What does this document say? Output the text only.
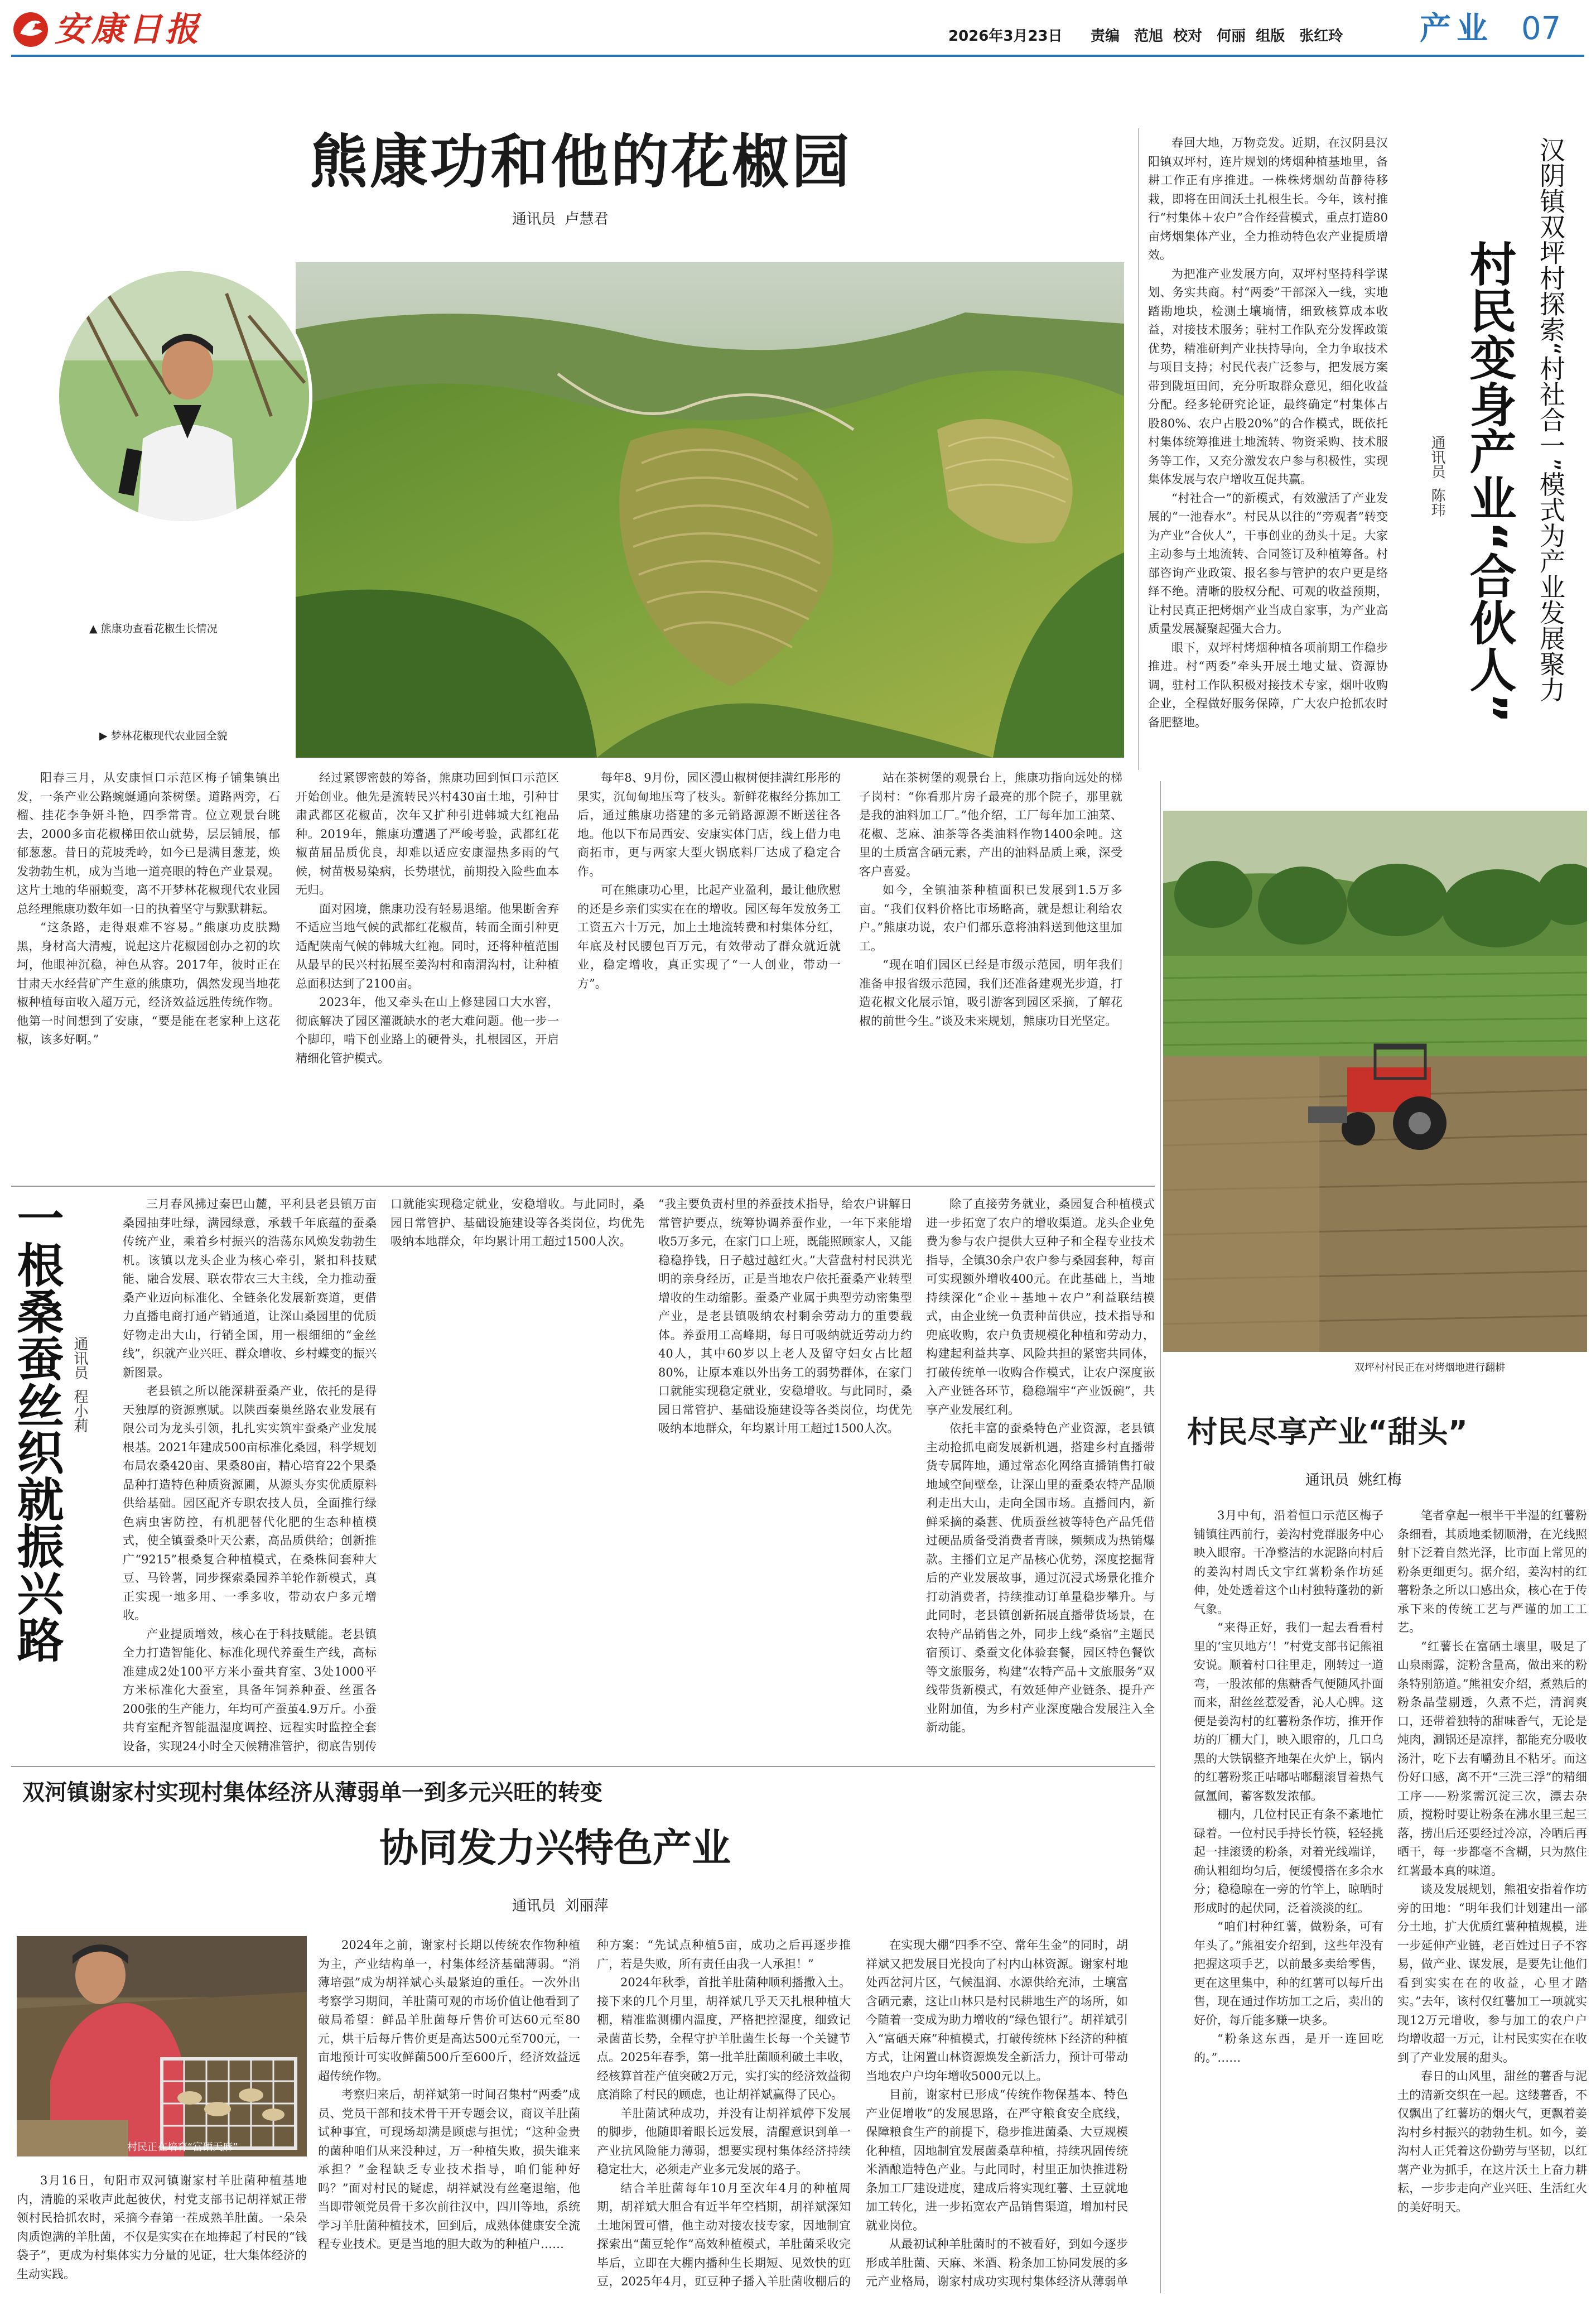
安康日报	2026年3月23日 责编　范旭  校对　何丽  组版　张红玲 产业 07
熊康功和他的花椒园
通讯员  卢慧君
▲ 熊康功查看花椒生长情况
▶ 梦林花椒现代农业园全貌

阳春三月，从安康恒口示范区梅子铺集镇出发，一条产业公路蜿蜒通向茶树堡。道路两旁，石榴、挂花李争妍斗艳，四季常青。位立观景台眺去，2000多亩花椒梯田依山就势，层层铺展，郁郁葱葱。昔日的荒坡秃岭，如今已是满目葱茏，焕发勃勃生机，成为当地一道亮眼的特色产业景观。这片土地的华丽蜕变，离不开梦林花椒现代农业园总经理熊康功数年如一日的执着坚守与默默耕耘。

“这条路，走得艰难不容易。”熊康功皮肤黝黑，身材高大清瘦，说起这片花椒园创办之初的坎坷，他眼神沉稳，神色从容。2017年，彼时正在甘肃天水经营矿产生意的熊康功，偶然发现当地花椒种植每亩收入超万元，经济效益远胜传统作物。他第一时间想到了安康，“要是能在老家种上这花椒，该多好啊。”

经过紧锣密鼓的筹备，熊康功回到恒口示范区开始创业。他先是流转民兴村430亩土地，引种甘肃武都区花椒苗，次年又扩种引进韩城大红袍品种。2019年，熊康功遭遇了严峻考验，武都红花椒苗届品质优良，却难以适应安康湿热多雨的气候，树苗极易染病，长势堪忧，前期投入险些血本无归。

面对困境，熊康功没有轻易退缩。他果断舍弃不适应当地气候的武都红花椒苗，转而全面引种更适配陕南气候的韩城大红袍。同时，还将种植范围从最早的民兴村拓展至姜沟村和南渭沟村，让种植总面积达到了2100亩。

2023年，他又牵头在山上修建园口大水窖，彻底解决了园区灌溉缺水的老大难问题。他一步一个脚印，啃下创业路上的硬骨头，扎根园区，开启精细化管护模式。

每年8、9月份，园区漫山椒树便挂满红彤彤的果实，沉甸甸地压弯了枝头。新鲜花椒经分拣加工后，通过熊康功搭建的多元销路源源不断送往各地。他以下布局西安、安康实体门店，线上借力电商拓市，更与两家大型火锅底料厂达成了稳定合作。

可在熊康功心里，比起产业盈利，最让他欣慰的还是乡亲们实实在在的增收。园区每年发放务工工资五六十万元，加上土地流转费和村集体分红，年底及村民腰包百万元，有效带动了群众就近就业，稳定增收，真正实现了“一人创业，带动一方”。

站在茶树堡的观景台上，熊康功指向远处的梯子岗村：“你看那片房子最亮的那个院子，那里就是我的油料加工厂。”他介绍，工厂每年加工油菜、花椒、芝麻、油茶等各类油料作物1400余吨。这里的土质富含硒元素，产出的油料品质上乘，深受客户喜爱。

如今，全镇油茶种植面积已发展到1.5万多亩。“我们仅料价格比市场略高，就是想让利给农户。”熊康功说，农户们都乐意将油料送到他这里加工。

“现在咱们园区已经是市级示范园，明年我们准备申报省级示范园，我们还准备建观光步道，打造花椒文化展示馆，吸引游客到园区采摘，了解花椒的前世今生。”谈及未来规划，熊康功目光坚定。

春回大地，万物竞发。近期，在汉阴县汉阳镇双坪村，连片规划的烤烟种植基地里，备耕工作正有序推进。一株株烤烟幼苗静待移栽，即将在田间沃土扎根生长。今年，该村推行“村集体＋农户”合作经营模式，重点打造80亩烤烟集体产业，全力推动特色农产业提质增效。

为把准产业发展方向，双坪村坚持科学谋划、务实共商。村“两委”干部深入一线，实地踏勘地块，检测土壤墒情，细致核算成本收益，对接技术服务；驻村工作队充分发挥政策优势，精准研判产业扶持导向，全力争取技术与项目支持；村民代表广泛参与，把发展方案带到陇垣田间，充分听取群众意见，细化收益分配。经多轮研究论证，最终确定“村集体占股80%、农户占股20%”的合作模式，既依托村集体统筹推进土地流转、物资采购、技术服务等工作，又充分激发农户参与积极性，实现集体发展与农户增收互促共赢。

“村社合一”的新模式，有效激活了产业发展的“一池春水”。村民从以往的“旁观者”转变为产业“合伙人”，干事创业的劲头十足。大家主动参与土地流转、合同签订及种植筹备。村部咨询产业政策、报名参与管护的农户更是络绎不绝。清晰的股权分配、可观的收益预期，让村民真正把烤烟产业当成自家事，为产业高质量发展凝聚起强大合力。

眼下，双坪村烤烟种植各项前期工作稳步推进。村“两委”牵头开展土地丈量、资源协调，驻村工作队积极对接技术专家，烟叶收购企业，全程做好服务保障，广大农户抢抓农时备肥整地。

汉阴镇双坪村探索“村社合一”模式为产业发展聚力
村民变身产业“合伙人”
通讯员  陈玮
双坪村村民正在对烤烟地进行翻耕
一根桑蚕丝织就振兴路 通讯员  程小莉

三月春风拂过秦巴山麓，平利县老县镇万亩桑园抽芽吐绿，满园绿意，承载千年底蕴的蚕桑传统产业，乘着乡村振兴的浩荡东风焕发勃勃生机。该镇以龙头企业为核心牵引，紧扣科技赋能、融合发展、联农带农三大主线，全力推动蚕桑产业迈向标准化、全链条化发展新赛道，更借力直播电商打通产销通道，让深山桑园里的优质好物走出大山，行销全国，用一根细细的“金丝线”，织就产业兴旺、群众增收、乡村蝶变的振兴新图景。

老县镇之所以能深耕蚕桑产业，依托的是得天独厚的资源禀赋。以陕西秦巢丝路农业发展有限公司为龙头引领，扎扎实实筑牢蚕桑产业发展根基。2021年建成500亩标准化桑园，科学规划布局农桑420亩、果桑80亩，精心培育22个果桑品种打造特色种质资源圃，从源头夯实优质原料供给基础。园区配齐专职农技人员，全面推行绿色病虫害防控，有机肥替代化肥的生态种植模式，使全镇蚕桑叶天公素，高品质供给；创新推广“9215”根桑复合种植模式，在桑株间套种大豆、马铃薯，同步探索桑园养羊轮作新模式，真正实现一地多用、一季多收，带动农户多元增收。

产业提质增效，核心在于科技赋能。老县镇全力打造智能化、标准化现代养蚕生产线，高标准建成2处100平方米小蚕共育室、3处1000平方米标准化大蚕室，具备年饲养种蚕、丝蛋各200张的生产能力，年均可产蚕茧4.9万斤。小蚕共育室配齐智能温湿度调控、远程实时监控全套设备，实现24小时全天候精准管护，彻底告别传

口就能实现稳定就业，安稳增收。与此同时，桑园日常管护、基础设施建设等各类岗位，均优先吸纳本地群众，年均累计用工超过1500人次。

“我主要负责村里的养蚕技术指导，给农户讲解日常管护要点，统筹协调养蚕作业，一年下来能增收5万多元，在家门口上班，既能照顾家人，又能稳稳挣钱，日子越过越红火。”大营盘村村民洪光明的亲身经历，正是当地农户依托蚕桑产业转型增收的生动缩影。蚕桑产业属于典型劳动密集型产业，是老县镇吸纳农村剩余劳动力的重要载体。养蚕用工高峰期，每日可吸纳就近劳动力约40人，其中60岁以上老人及留守妇女占比超80%，让原本难以外出务工的弱势群体，在家门口就能实现稳定就业，安稳增收。与此同时，桑园日常管护、基础设施建设等各类岗位，均优先吸纳本地群众，年均累计用工超过1500人次。

除了直接劳务就业，桑园复合种植模式进一步拓宽了农户的增收渠道。龙头企业免费为参与农户提供大豆种子和全程专业技术指导，全镇30余户农户参与桑园套种，每亩可实现额外增收400元。在此基础上，当地持续深化“企业＋基地＋农户”利益联结模式，由企业统一负责种苗供应，技术指导和兜底收购，农户负责规模化种植和劳动力，构建起利益共享、风险共担的紧密共同体，打破传统单一收购合作模式，让农户深度嵌入产业链各环节，稳稳端牢“产业饭碗”，共享产业发展红利。

依托丰富的蚕桑特色产业资源，老县镇主动抢抓电商发展新机遇，搭建乡村直播带货专属阵地，通过常态化网络直播销售打破地域空间壁垒，让深山里的蚕桑农特产品顺利走出大山，走向全国市场。直播间内，新鲜采摘的桑葚、优质蚕丝被等特色产品凭借过硬品质备受消费者青睐，频频成为热销爆款。主播们立足产品核心优势，深度挖掘背后的产业发展故事，通过沉浸式场景化推介打动消费者，持续推动订单量稳步攀升。与此同时，老县镇创新拓展直播带货场景，在农特产品销售之外，同步上线“桑宿”主题民宿预订、桑蚕文化体验套餐，园区特色餐饮等文旅服务，构建“农特产品＋文旅服务”双线带货新模式，有效延伸产业链条、提升产业附加值，为乡村产业深度融合发展注入全新动能。

村民尽享产业“甜头”
通讯员  姚红梅

3月中旬，沿着恒口示范区梅子铺镇往西前行，姜沟村党群服务中心映入眼帘。干净整洁的水泥路向村后的姜沟村周氏文宇红薯粉条作坊延伸，处处透着这个山村独特蓬勃的新气象。

“来得正好，我们一起去看看村里的‘宝贝地方’！”村党支部书记熊祖安说。顺着村口往里走，刚转过一道弯，一股浓郁的焦糖香气便随风扑面而来，甜丝丝惹爱香，沁人心脾。这便是姜沟村的红薯粉条作坊，推开作坊的厂棚大门，映入眼帘的，几口乌黑的大铁锅整齐地架在火炉上，锅内的红薯粉浆正咕嘟咕嘟翻滚冒着热气氤氲间，蓄客数发浓郁。

棚内，几位村民正有条不紊地忙碌着。一位村民手持长竹筷，轻轻挑起一挂滚烫的粉条，对着光线端详，确认粗细均匀后，便缓慢搭在多余水分；稳稳晾在一旁的竹竿上，晾晒时形成时的起伏同，泛着淡淡的红。

“咱们村种红薯，做粉条，可有年头了。”熊祖安介绍到，这些年没有把握这项手艺，以前最多卖给零售，更在这里集中，种的红薯可以每斤出售，现在通过作坊加工之后，卖出的好价，每斤能多赚一块多。

“粉条这东西，是开一连回吃的。”……

笔者拿起一根半干半湿的红薯粉条细看，其质地柔韧顺滑，在光线照射下泛着自然光泽，比市面上常见的粉条更细更匀。据介绍，姜沟村的红薯粉条之所以口感出众，核心在于传承下来的传统工艺与严谨的加工工艺。

“红薯长在富硒土壤里，吸足了山泉雨露，淀粉含量高，做出来的粉条特别筋道。”熊祖安介绍，煮熟后的粉条晶莹剔透，久煮不烂，清润爽口，还带着独特的甜味香气，无论是炖肉，涮锅还是凉拌，都能充分吸收汤汁，吃下去有嚼劲且不粘牙。而这份好口感，离不开“三洗三浮”的精细工序——粉浆需沉淀三次，漂去杂质，搅粉时要让粉条在沸水里三起三落，捞出后还要经过冷凉，冷晒后再晒干，每一步都毫不含糊，只为熬住红薯最本真的味道。

谈及发展规划，熊祖安指着作坊旁的田地：“明年我们计划建出一部分土地，扩大优质红薯种植规模，进一步延伸产业链，老百姓过日子不容易，做产业、谋发展，是要先让他们看到实实在在的收益，心里才踏实。”去年，该村仅红薯加工一项就实现12万元增收，参与加工的农户户均增收超一万元，让村民实实在在收到了产业发展的甜头。

春日的山风里，甜丝的薯香与泥土的清新交织在一起。这缕薯香，不仅飘出了红薯坊的烟火气，更飘着姜沟村乡村振兴的勃勃生机。如今，姜沟村人正凭着这份勤劳与坚韧，以红薯产业为抓手，在这片沃土上奋力耕耘，一步步走向产业兴旺、生活红火的美好明天。

双河镇谢家村实现村集体经济从薄弱单一到多元兴旺的转变
协同发力兴特色产业
通讯员  刘丽萍
村民正在培育“富硒天麻”

3月16日，旬阳市双河镇谢家村羊肚菌种植基地内，清脆的采收声此起彼伏，村党支部书记胡祥斌正带领村民拾抓农时，采摘今春第一茬成熟羊肚菌。一朵朵肉质饱满的羊肚菌，不仅是实实在在地捧起了村民的“钱袋子”，更成为村集体实力分量的见证，壮大集体经济的生动实践。

2024年之前，谢家村长期以传统农作物种植为主，产业结构单一，村集体经济基础薄弱。“消薄培强”成为胡祥斌心头最紧迫的重任。一次外出考察学习期间，羊肚菌可观的市场价值让他看到了破局希望：鲜品羊肚菌每斤售价可达60元至80元，烘干后每斤售价更是高达500元至700元，一亩地预计可实收鲜菌500斤至600斤，经济效益远超传统作物。

考察归来后，胡祥斌第一时间召集村“两委”成员、党员干部和技术骨干开专题会议，商议羊肚菌试种事宜，可现场却满是顾虑与担忧；“这种金贵的菌种咱们从来没种过，万一种植失败，损失谁来承担？”金程缺乏专业技术指导，咱们能种好吗？”面对村民的疑虑，胡祥斌没有丝毫退缩，他当即带领党员骨干多次前往汉中，四川等地，系统学习羊肚菌种植技术，回到后，成熟体健康安全流程专业技术。更是当地的胆大敢为的种植户……

种方案：“先试点种植5亩，成功之后再逐步推广，若是失败，所有责任由我一人承担！”

2024年秋季，首批羊肚菌种顺利播撒入土。接下来的几个月里，胡祥斌几乎天天扎根种植大棚，精准监测棚内温度，严格把控湿度，细致记录菌苗长势，全程守护羊肚菌生长每一个关键节点。2025年春季，第一批羊肚菌顺利破土丰收，经核算首茬产值突破2万元，实打实的经济效益彻底消除了村民的顾虑，也让胡祥斌赢得了民心。

羊肚菌试种成功，并没有让胡祥斌停下发展的脚步，他随即着眼长远发展，清醒意识到单一产业抗风险能力薄弱，想要实现村集体经济持续稳定壮大，必须走产业多元发展的路子。

结合羊肚菌每年10月至次年4月的种植周期，胡祥斌大胆合有近半年空档期，胡祥斌深知土地闲置可惜，他主动对接农技专家，因地制宜探索出“菌豆轮作”高效种植模式，羊肚菌采收完毕后，立即在大棚内播种生长期短、见效快的豇豆，2025年4月，豇豆种子播入羊肚菌收棚后的

在实现大棚“四季不空、常年生金”的同时，胡祥斌又把发展目光投向了村内山林资源。谢家村地处西岔河片区，气候温润、水源供给充沛，土壤富含硒元素，这让山林只是村民耕地生产的场所，如今随着一变成为助力增收的“绿色银行”。胡祥斌引入“富硒天麻”种植模式，打破传统林下经济的种植方式，让闲置山林资源焕发全新活力，预计可带动当地农户户均年增收5000元以上。

目前，谢家村已形成“传统作物保基本、特色产业促增收”的发展思路，在严守粮食安全底线，保障粮食生产的前提下，稳步推进菌桑、大豆规模化种植，因地制宜发展菌桑草种植，持续巩固传统米酒酿造特色产业。与此同时，村里正加快推进粉条加工厂建设进度，建成后将实现红薯、土豆就地加工转化，进一步拓宽农产品销售渠道，增加村民就业岗位。

从最初试种羊肚菌时的不被看好，到如今逐步形成羊肚菌、天麻、米酒、粉条加工协同发展的多元产业格局，谢家村成功实现村集体经济从薄弱单
